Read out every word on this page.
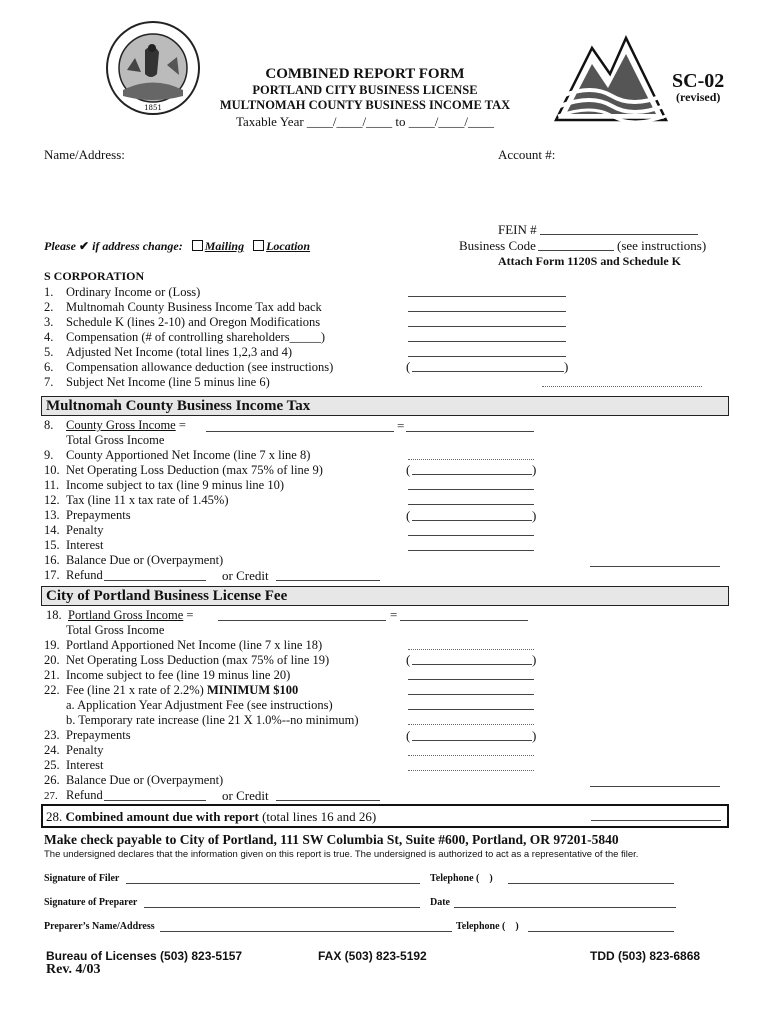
1851
COMBINED REPORT FORM
PORTLAND CITY BUSINESS LICENSE
MULTNOMAH COUNTY BUSINESS INCOME TAX
Taxable Year ____/____/____ to ____/____/____
SC-02
(revised)
Name/Address:	Account #:
FEIN #
Business Code	(see instructions)
Attach Form 1120S and Schedule K
Please ✔ if address change: Mailing Location
S CORPORATION
1. Ordinary Income or (Loss)
2. Multnomah County Business Income Tax add back
3. Schedule K (lines 2-10) and Oregon Modifications
4. Compensation (# of controlling shareholders_____)
5. Adjusted Net Income (total lines 1,2,3 and 4)
6. Compensation allowance deduction (see instructions)
7. Subject Net Income (line 5 minus line 6)
(	)
Multnomah County Business Income Tax
8. County Gross Income =	=
Total Gross Income
9. County Apportioned Net Income (line 7 x line 8)
10. Net Operating Loss Deduction (max 75% of line 9)
11. Income subject to tax (line 9 minus line 10)
12. Tax (line 11 x tax rate of 1.45%)
13. Prepayments
14. Penalty
15. Interest
16. Balance Due or (Overpayment)
17. Refund	or Credit
(	)
(	)
City of Portland Business License Fee
18. Portland Gross Income =	=
Total Gross Income
19. Portland Apportioned Net Income (line 7 x line 18)
20. Net Operating Loss Deduction (max 75% of line 19)
21. Income subject to fee (line 19 minus line 20)
22. Fee (line 21 x rate of 2.2%) MINIMUM $100
a. Application Year Adjustment Fee (see instructions)
b. Temporary rate increase (line 21 X 1.0%--no minimum)
23. Prepayments
24. Penalty
25. Interest
26. Balance Due or (Overpayment)
27. Refund	or Credit
(	)
(	)
28. Combined amount due with report (total lines 16 and 26)
Make check payable to City of Portland, 111 SW Columbia St, Suite #600, Portland, OR 97201-5840
The undersigned declares that the information given on this report is true. The undersigned is authorized to act as a representative of the filer.
Signature of Filer	Telephone (    )
Signature of Preparer	Date
Preparer’s Name/Address	Telephone (    )
Bureau of Licenses (503) 823-5157	FAX (503) 823-5192	TDD (503) 823-6868
Rev. 4/03
